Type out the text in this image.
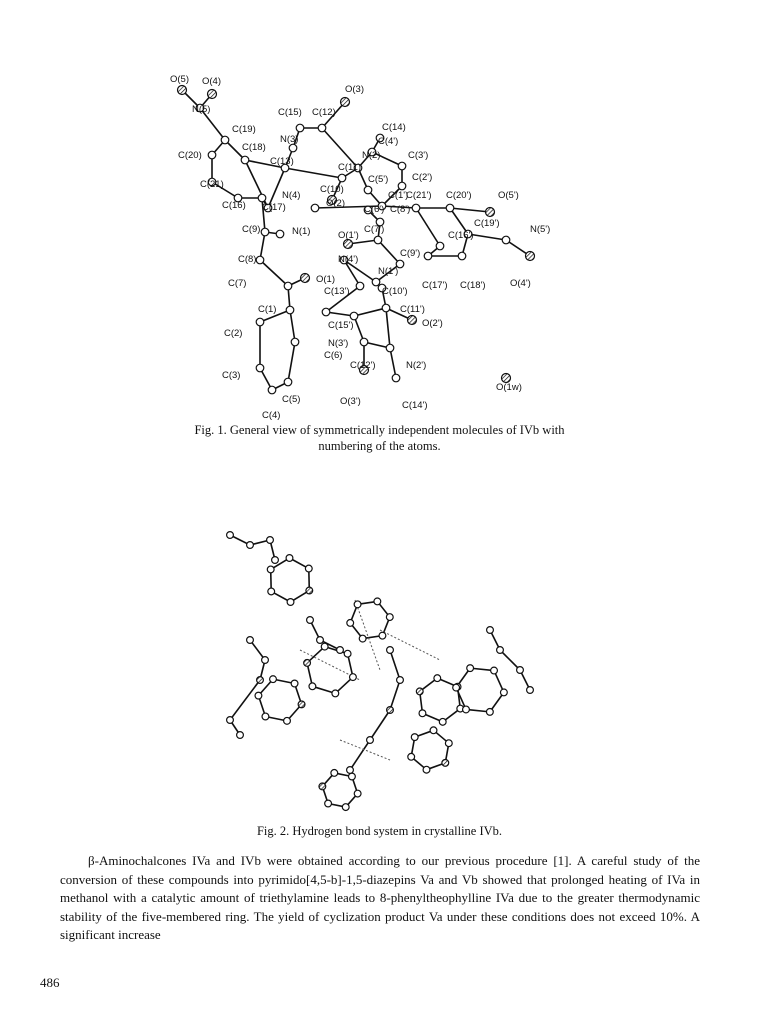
O(5) O(4)
O(3)
N(5)	C(15) C(12)
C(19)	C(14)
N(3)	C(4')
C(20)
C(18)
N(2)	C(3')
C(13)
C(11)
C(2')
C(5')
C(21)	C(10)
N(4)	C(1')
C(21') C(20')	O(5')
C(16) C(17)	O(2)
C(6') C(8')
C(19')
C(9)	N(1)	O(1')
C(7')
C(16')
N(5')
C(9')
C(8)	N(4')
N(1')
C(17') C(18')	O(4')
C(7)	O(1)
C(13')	C(10')
C(1)	C(11')
C(15')
C(2)
O(2')
N(3')
C(6)
C(12')	N(2')
C(3)
O(1w)
C(5)	O(3')	C(14')
C(4)
Fig. 1. General view of symmetrically independent molecules of IVb with numbering of the atoms.
Fig. 2. Hydrogen bond system in crystalline IVb.

β-Aminochalcones IVa and IVb were obtained according to our previous procedure [1]. A careful study of the conversion of these compounds into pyrimido[4,5-b]-1,5-diazepins Va and Vb showed that prolonged heating of IVa in methanol with a catalytic amount of triethylamine leads to 8-phenyltheophylline IVa due to the greater thermodynamic stability of the five-membered ring. The yield of cyclization product Va under these conditions does not exceed 10%. A significant increase

486
